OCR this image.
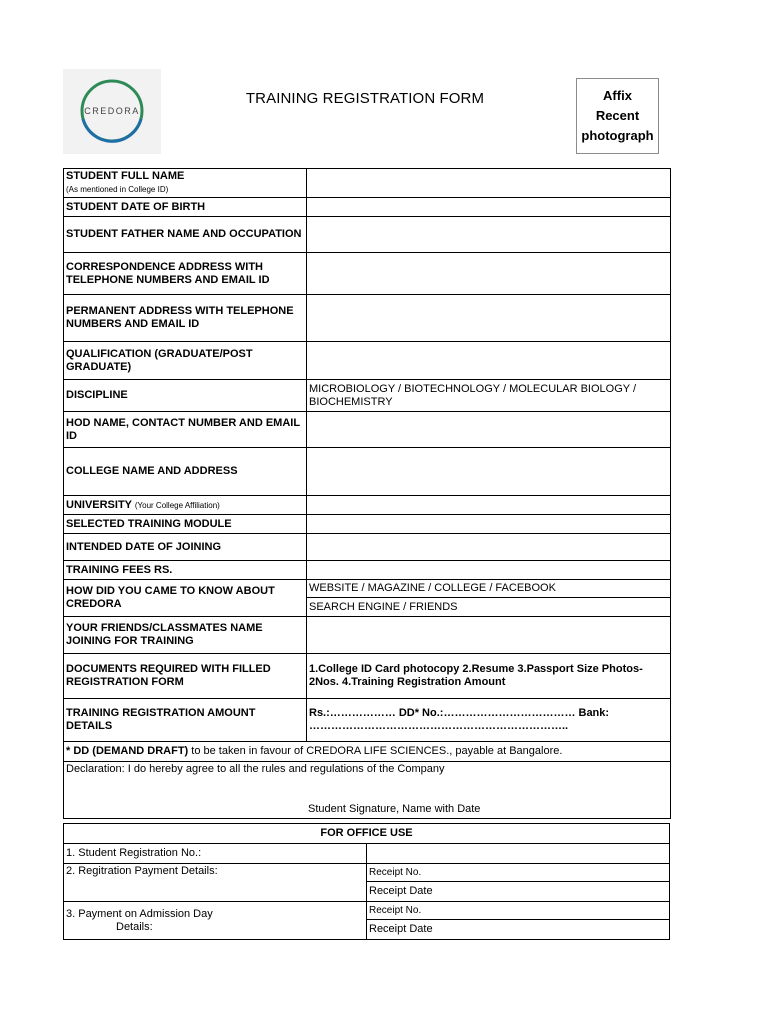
CREDORA
TRAINING REGISTRATION FORM	Affix
Recent
photograph
STUDENT FULL NAME
(As mentioned in College ID)	

STUDENT DATE OF BIRTH	
STUDENT FATHER NAME AND OCCUPATION	
CORRESPONDENCE ADDRESS WITH TELEPHONE NUMBERS AND EMAIL ID	
PERMANENT ADDRESS WITH TELEPHONE NUMBERS AND EMAIL ID	
QUALIFICATION (GRADUATE/POST GRADUATE)	
DISCIPLINE	MICROBIOLOGY / BIOTECHNOLOGY / MOLECULAR BIOLOGY / BIOCHEMISTRY
HOD NAME, CONTACT NUMBER AND EMAIL ID	
COLLEGE NAME AND ADDRESS	
UNIVERSITY (Your College Affiliation)	
SELECTED TRAINING MODULE	
INTENDED DATE OF JOINING	
TRAINING FEES RS.	
HOW DID YOU CAME TO KNOW ABOUT CREDORA	WEBSITE / MAGAZINE / COLLEGE / FACEBOOK
	SEARCH ENGINE / FRIENDS
YOUR FRIENDS/CLASSMATES NAME JOINING FOR TRAINING	
DOCUMENTS REQUIRED WITH FILLED REGISTRATION FORM	1.College ID Card photocopy 2.Resume 3.Passport Size Photos- 2Nos. 4.Training Registration Amount
TRAINING REGISTRATION AMOUNT DETAILS	Rs.:……………… DD* No.:……………………………… Bank:
……………………………………………………………..

* DD (DEMAND DRAFT) to be taken in favour of CREDORA LIFE SCIENCES., payable at Bangalore.	

Declaration: I do hereby agree to all the rules and regulations of the Company
Student Signature, Name with Date	
FOR OFFICE USE	
1. Student Registration No.:	
2. Regitration Payment Details:	Receipt No.
	Receipt Date

3. Payment on Admission Day
Details:	Receipt No.
	Receipt Date
